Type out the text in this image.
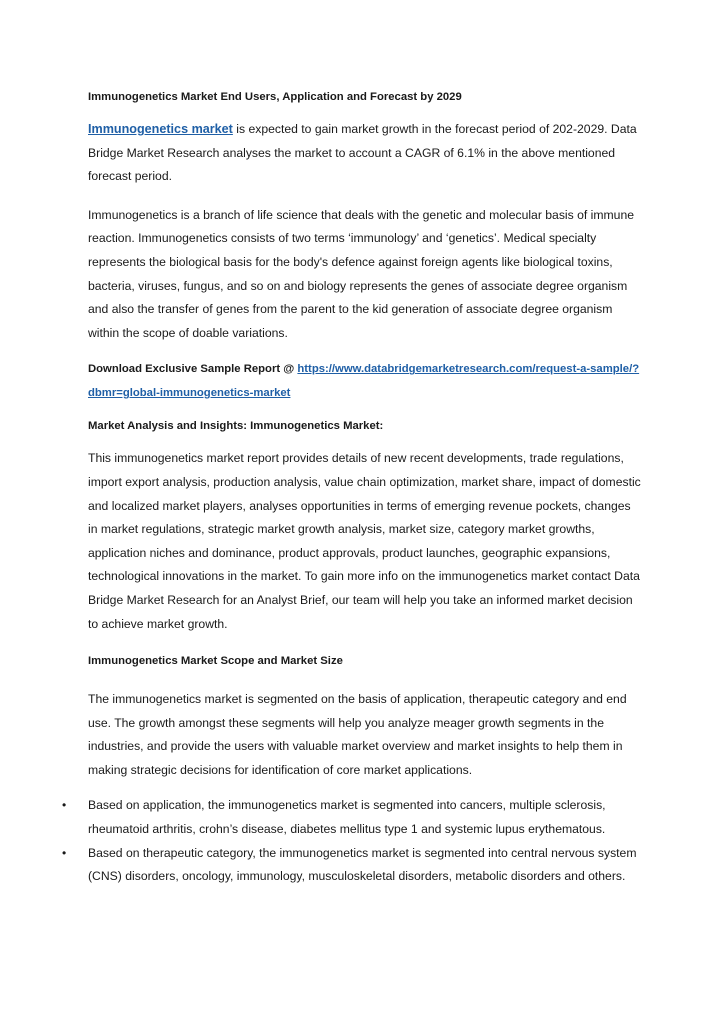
Immunogenetics Market End Users, Application and Forecast by 2029

Immunogenetics market is expected to gain market growth in the forecast period of 202-2029. Data Bridge Market Research analyses the market to account a CAGR of 6.1% in the above mentioned forecast period.

Immunogenetics is a branch of life science that deals with the genetic and molecular basis of immune reaction. Immunogenetics consists of two terms ‘immunology’ and ‘genetics’. Medical specialty represents the biological basis for the body's defence against foreign agents like biological toxins, bacteria, viruses, fungus, and so on and biology represents the genes of associate degree organism and also the transfer of genes from the parent to the kid generation of associate degree organism within the scope of doable variations.

Download Exclusive Sample Report @ https://www.databridgemarketresearch.com/request-a-sample/?dbmr=global-immunogenetics-market

Market Analysis and Insights: Immunogenetics Market:

This immunogenetics market report provides details of new recent developments, trade regulations, import export analysis, production analysis, value chain optimization, market share, impact of domestic and localized market players, analyses opportunities in terms of emerging revenue pockets, changes in market regulations, strategic market growth analysis, market size, category market growths, application niches and dominance, product approvals, product launches, geographic expansions, technological innovations in the market. To gain more info on the immunogenetics market contact Data Bridge Market Research for an Analyst Brief, our team will help you take an informed market decision to achieve market growth.

Immunogenetics Market Scope and Market Size

The immunogenetics market is segmented on the basis of application, therapeutic category and end use. The growth amongst these segments will help you analyze meager growth segments in the industries, and provide the users with valuable market overview and market insights to help them in making strategic decisions for identification of core market applications.

• Based on application, the immunogenetics market is segmented into cancers, multiple sclerosis, rheumatoid arthritis, crohn’s disease, diabetes mellitus type 1 and systemic lupus erythematous.
• Based on therapeutic category, the immunogenetics market is segmented into central nervous system (CNS) disorders, oncology, immunology, musculoskeletal disorders, metabolic disorders and others.
